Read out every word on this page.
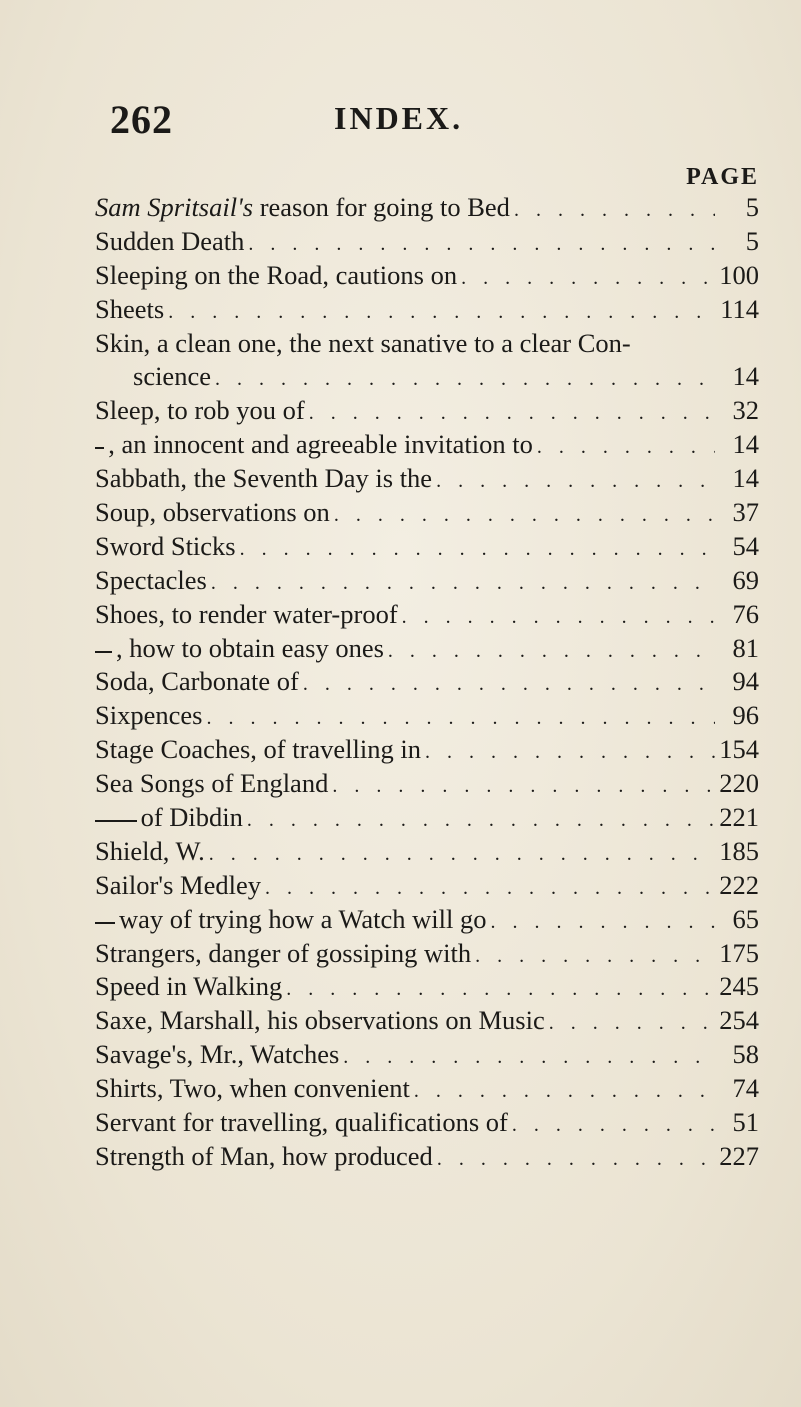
262	INDEX.
PAGE
Sam Spritsail's reason for going to Bed . . .	5
Sudden Death . . .	5
Sleeping on the Road, cautions on . . .	100
Sheets . . .	114
Skin, a clean one, the next sanative to a clear Con-
science . . .	14
Sleep, to rob you of . . .	32
, an innocent and agreeable invitation to . . .	14
Sabbath, the Seventh Day is the . . .	14
Soup, observations on . . .	37
Sword Sticks . . .	54
Spectacles . . .	69
Shoes, to render water-proof . . .	76
, how to obtain easy ones . . .	81
Soda, Carbonate of . . .	94
Sixpences . . .	96
Stage Coaches, of travelling in . . .	154
Sea Songs of England . . .	220
of Dibdin . . .	221
Shield, W. . . .	185
Sailor's Medley . . .	222
way of trying how a Watch will go . . .	65
Strangers, danger of gossiping with . . .	175
Speed in Walking . . .	245
Saxe, Marshall, his observations on Music . . .	254
Savage's, Mr., Watches . . .	58
Shirts, Two, when convenient . . .	74
Servant for travelling, qualifications of . . .	51
Strength of Man, how produced . . .	227
